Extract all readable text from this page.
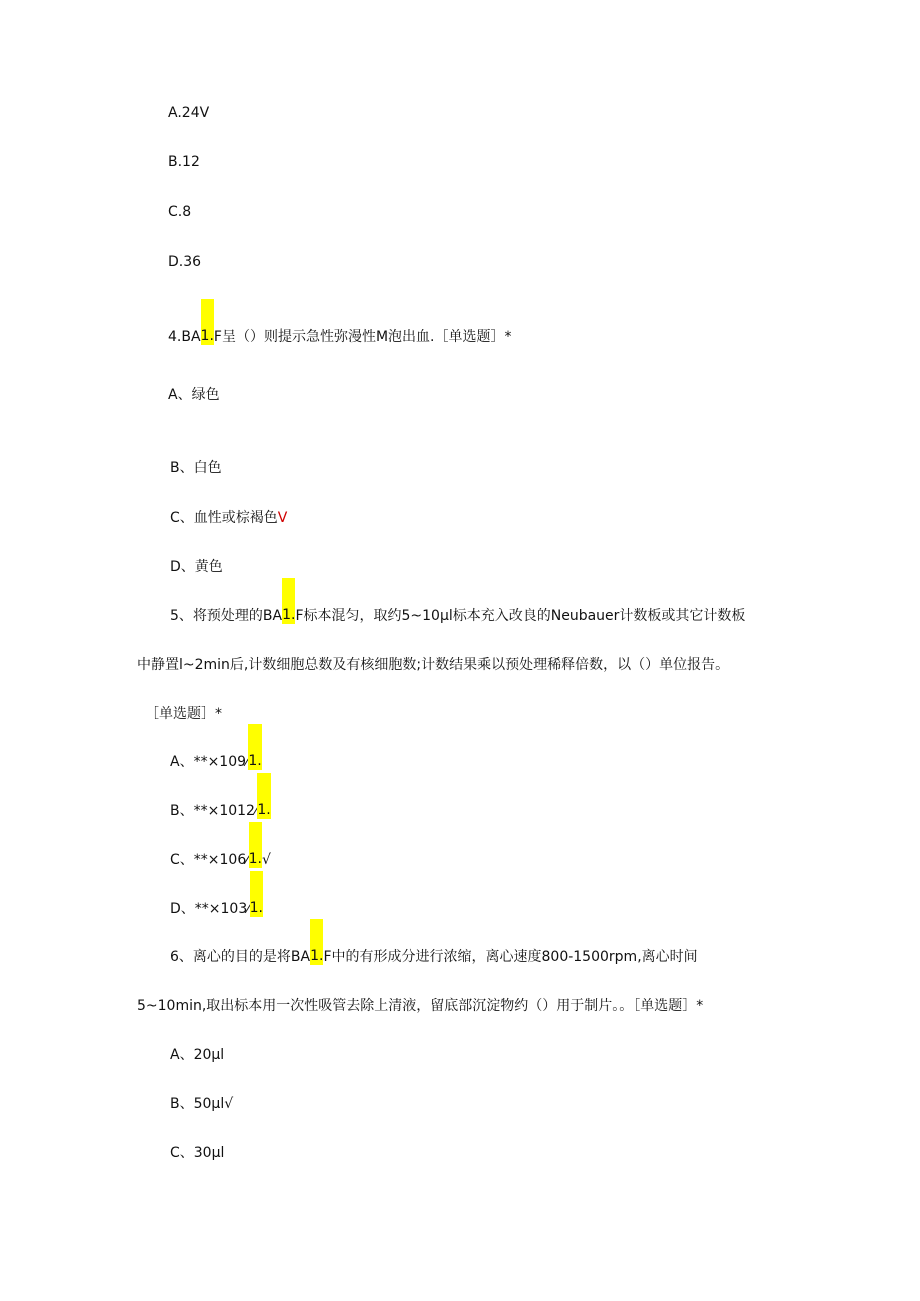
A.24V
B.12
C.8
D.36
4.BA1.F呈（）则提示急性弥漫性M泡出血.［单选题］*
A、绿色
B、白色
C、血性或棕褐色V
D、黄色
5、将预处理的BA1.F标本混匀，取约5~10μl标本充入改良的Neubauer计数板或其它计数板
中静置l~2min后,计数细胞总数及有核细胞数;计数结果乘以预处理稀释倍数，以（）单位报告。
［单选题］*
A、**×109⁄1.
B、**×1012⁄1.
C、**×106⁄1.√
D、**×103⁄1.
6、离心的目的是将BA1.F中的有形成分进行浓缩，离心速度800-1500rpm,离心时间
5~10min,取出标本用一次性吸管去除上清液，留底部沉淀物约（）用于制片。。［单选题］*
A、20μl
B、50μl√
C、30μl
